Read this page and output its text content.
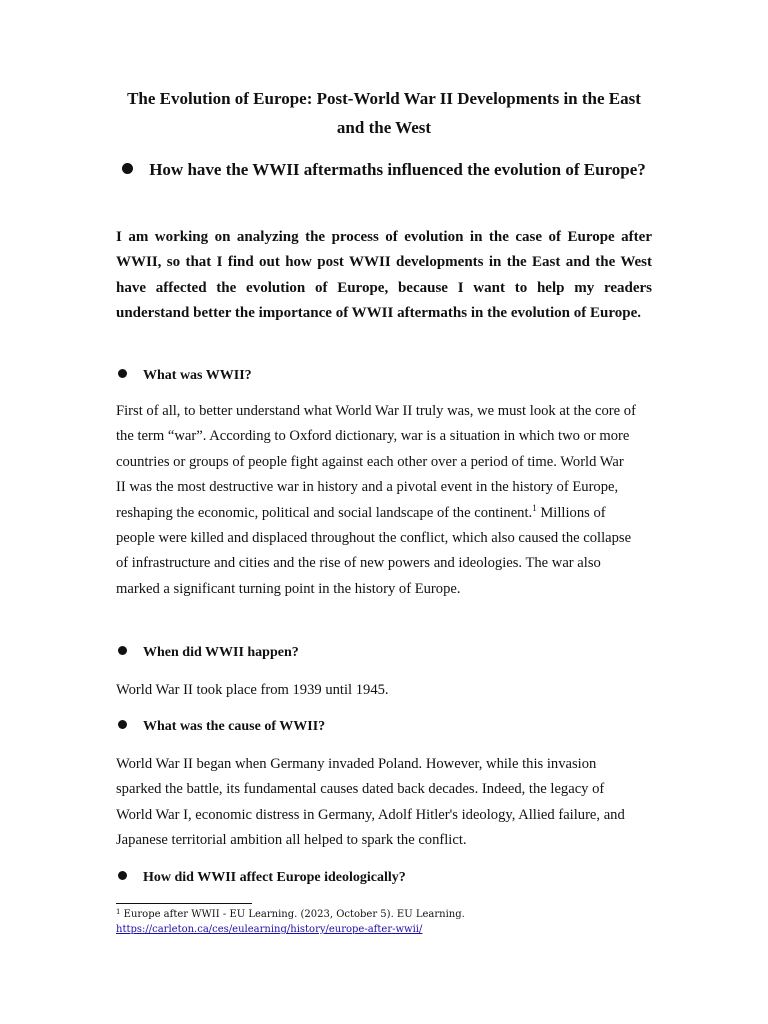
The Evolution of Europe: Post-World War II Developments in the East and the West
How have the WWII aftermaths influenced the evolution of Europe?
I am working on analyzing the process of evolution in the case of Europe after WWII, so that I find out how post WWII developments in the East and the West have affected the evolution of Europe, because I want to help my readers understand better the importance of WWII aftermaths in the evolution of Europe.
What was WWII?
First of all, to better understand what World War II truly was, we must look at the core of the term “war”. According to Oxford dictionary, war is a situation in which two or more countries or groups of people fight against each other over a period of time. World War II was the most destructive war in history and a pivotal event in the history of Europe, reshaping the economic, political and social landscape of the continent.$^1$ Millions of people were killed and displaced throughout the conflict, which also caused the collapse of infrastructure and cities and the rise of new powers and ideologies. The war also marked a significant turning point in the history of Europe.
When did WWII happen?
World War II took place from 1939 until 1945.
What was the cause of WWII?
World War II began when Germany invaded Poland. However, while this invasion sparked the battle, its fundamental causes dated back decades. Indeed, the legacy of World War I, economic distress in Germany, Adolf Hitler's ideology, Allied failure, and Japanese territorial ambition all helped to spark the conflict.
How did WWII affect Europe ideologically?
$^1$ Europe after WWII - EU Learning. (2023, October 5). EU Learning.
https://carleton.ca/ces/eulearning/history/europe-after-wwii/
